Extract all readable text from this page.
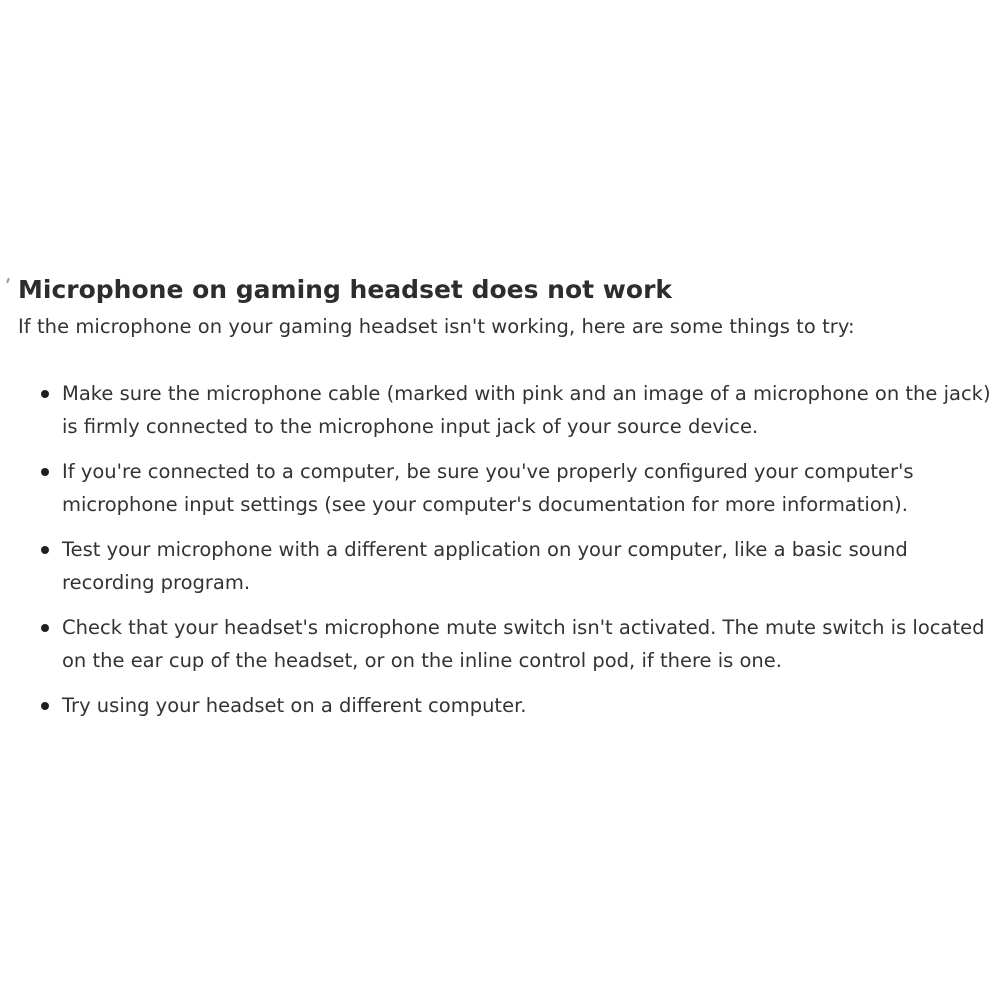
Microphone on gaming headset does not work

If the microphone on your gaming headset isn't working, here are some things to try:

Make sure the microphone cable (marked with pink and an image of a microphone on the jack) is firmly connected to the microphone input jack of your source device.
If you're connected to a computer, be sure you've properly configured your computer's microphone input settings (see your computer's documentation for more information).
Test your microphone with a different application on your computer, like a basic sound recording program.
Check that your headset's microphone mute switch isn't activated. The mute switch is located on the ear cup of the headset, or on the inline control pod, if there is one.
Try using your headset on a different computer.
